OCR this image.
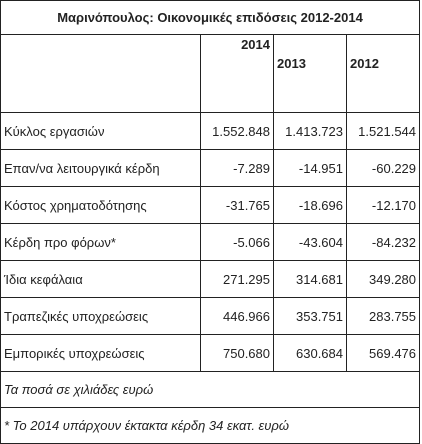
Μαρινόπουλος: Οικονομικές επιδόσεις 2012-2014			
	2014	2013	2012
Κύκλος εργασιών	1.552.848	1.413.723	1.521.544
Επαν/να λειτουργικά κέρδη	-7.289	-14.951	-60.229
Κόστος χρηματοδότησης	-31.765	-18.696	-12.170
Κέρδη προ φόρων*	-5.066	-43.604	-84.232
Ίδια κεφάλαια	271.295	314.681	349.280
Τραπεζικές υποχρεώσεις	446.966	353.751	283.755
Εμπορικές υποχρεώσεις	750.680	630.684	569.476
Τα ποσά σε χιλιάδες ευρώ			
* Το 2014 υπάρχουν έκτακτα κέρδη 34 εκατ. ευρώ			
